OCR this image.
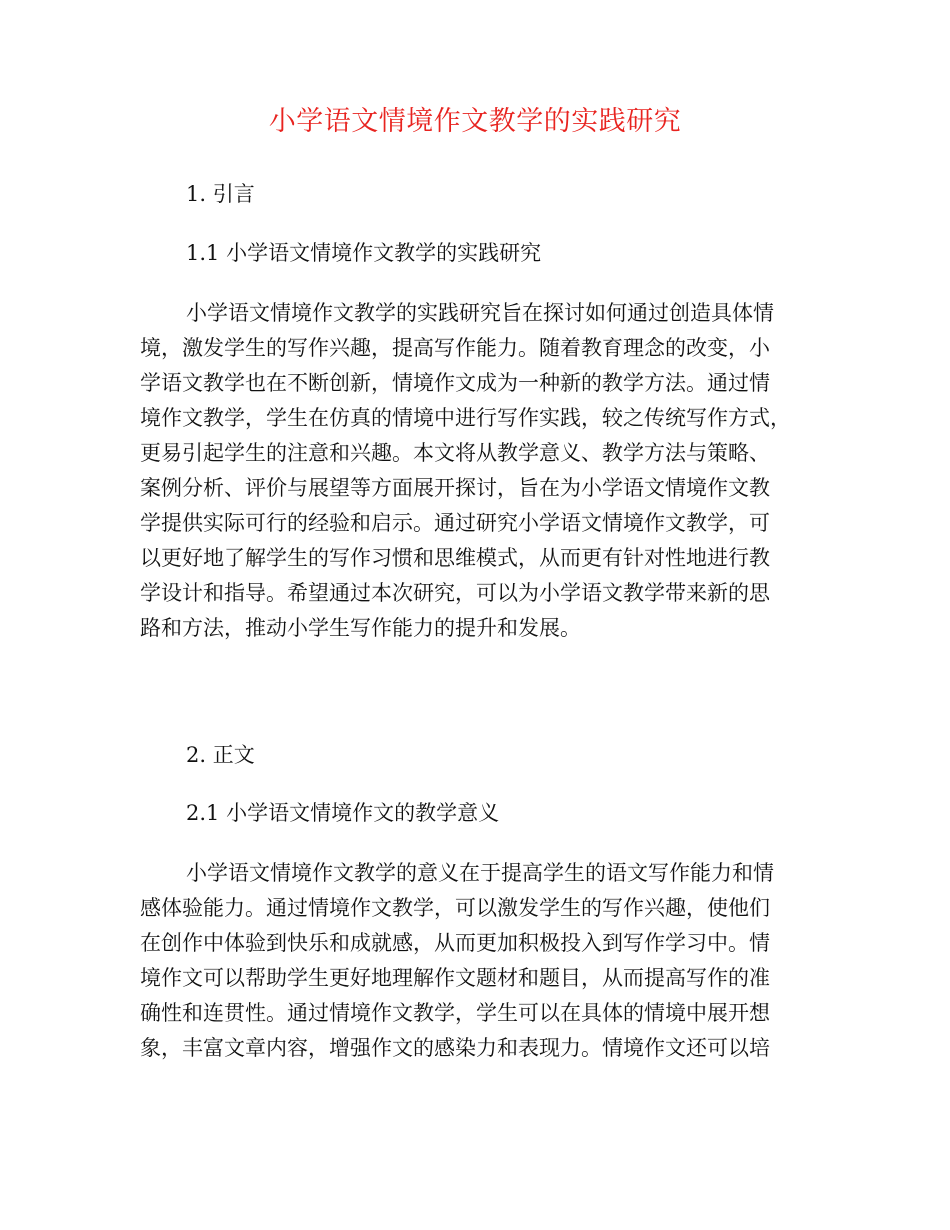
小学语文情境作文教学的实践研究
1. 引言
1.1 小学语文情境作文教学的实践研究
小学语文情境作文教学的实践研究旨在探讨如何通过创造具体情
境，激发学生的写作兴趣，提高写作能力。随着教育理念的改变，小
学语文教学也在不断创新，情境作文成为一种新的教学方法。通过情
境作文教学，学生在仿真的情境中进行写作实践，较之传统写作方式，
更易引起学生的注意和兴趣。本文将从教学意义、教学方法与策略、
案例分析、评价与展望等方面展开探讨，旨在为小学语文情境作文教
学提供实际可行的经验和启示。通过研究小学语文情境作文教学，可
以更好地了解学生的写作习惯和思维模式，从而更有针对性地进行教
学设计和指导。希望通过本次研究，可以为小学语文教学带来新的思
路和方法，推动小学生写作能力的提升和发展。
2. 正文
2.1 小学语文情境作文的教学意义
小学语文情境作文教学的意义在于提高学生的语文写作能力和情
感体验能力。通过情境作文教学，可以激发学生的写作兴趣，使他们
在创作中体验到快乐和成就感，从而更加积极投入到写作学习中。情
境作文可以帮助学生更好地理解作文题材和题目，从而提高写作的准
确性和连贯性。通过情境作文教学，学生可以在具体的情境中展开想
象，丰富文章内容，增强作文的感染力和表现力。情境作文还可以培
